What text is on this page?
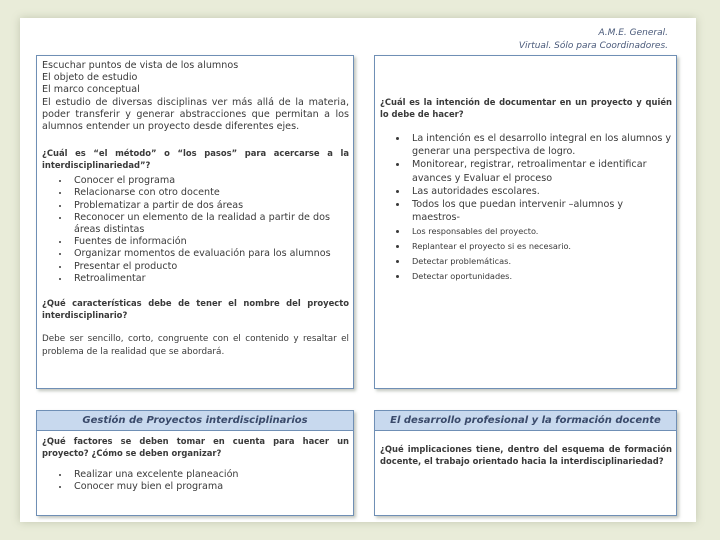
A.M.E. General.
Virtual. Sólo para Coordinadores.

Escuchar puntos de vista de los alumnos

El objeto de estudio

El marco conceptual

El estudio de diversas disciplinas ver más allá de la materia, poder transferir y generar abstracciones que permitan a los alumnos entender un proyecto desde diferentes ejes.

¿Cuál es “el método” o “los pasos” para acercarse a la interdisciplinariedad”?

• Conocer el programa
• Relacionarse con otro docente
• Problematizar a partir de dos áreas
• Reconocer un elemento de la realidad a partir de dos áreas distintas
• Fuentes de información
• Organizar momentos de evaluación para los alumnos
• Presentar el producto
• Retroalimentar

¿Qué características debe de tener el nombre del proyecto interdisciplinario?

Debe ser sencillo, corto, congruente con el contenido y resaltar el problema de la realidad que se abordará.

¿Cuál es la intención de documentar en un proyecto y quién lo debe de hacer?

• La intención es el desarrollo integral en los alumnos y generar una perspectiva de logro.
• Monitorear, registrar, retroalimentar e identificar avances y Evaluar el proceso
• Las autoridades escolares.
• Todos los que puedan intervenir –alumnos y maestros-
• Los responsables del proyecto.
• Replantear el proyecto si es necesario.
• Detectar problemáticas.
• Detectar oportunidades.
Gestión de Proyectos interdisciplinarios

¿Qué factores se deben tomar en cuenta para hacer un proyecto? ¿Cómo se deben organizar?

• Realizar una excelente planeación
• Conocer muy bien el programa
El desarrollo profesional y la formación docente

¿Qué implicaciones tiene, dentro del esquema de formación docente, el trabajo orientado hacia la interdisciplinariedad?
